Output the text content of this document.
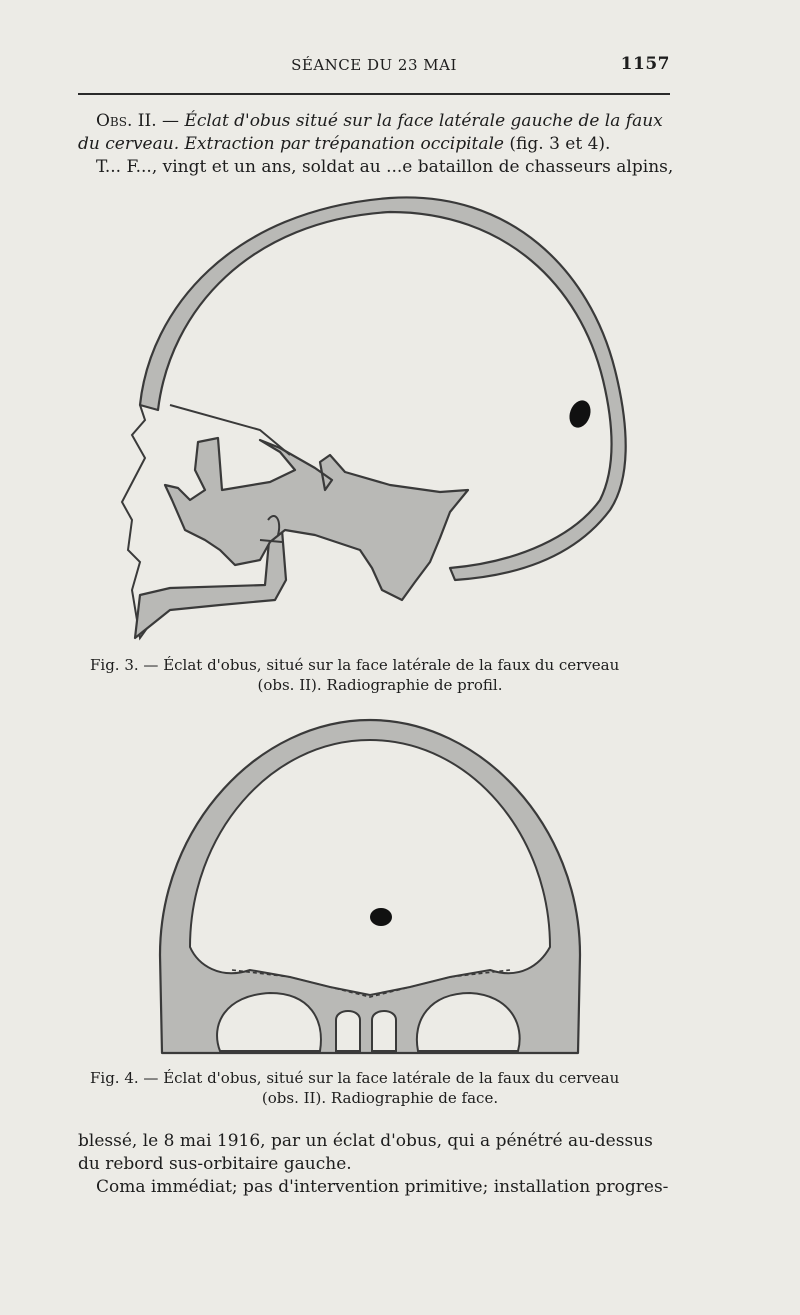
SÉANCE DU 23 MAI	1157

Obs. II. — Éclat d'obus situé sur la face latérale gauche de la faux du cerveau. Extraction par trépanation occipitale (fig. 3 et 4).

T... F..., vingt et un ans, soldat au ...e bataillon de chasseurs alpins,

Fig. 3. — Éclat d'obus, situé sur la face latérale de la faux du cerveau
(obs. II). Radiographie de profil.
Fig. 4. — Éclat d'obus, situé sur la face latérale de la faux du cerveau
(obs. II). Radiographie de face.

blessé, le 8 mai 1916, par un éclat d'obus, qui a pénétré au-dessus du rebord sus-orbitaire gauche.

Coma immédiat; pas d'intervention primitive; installation progres-
